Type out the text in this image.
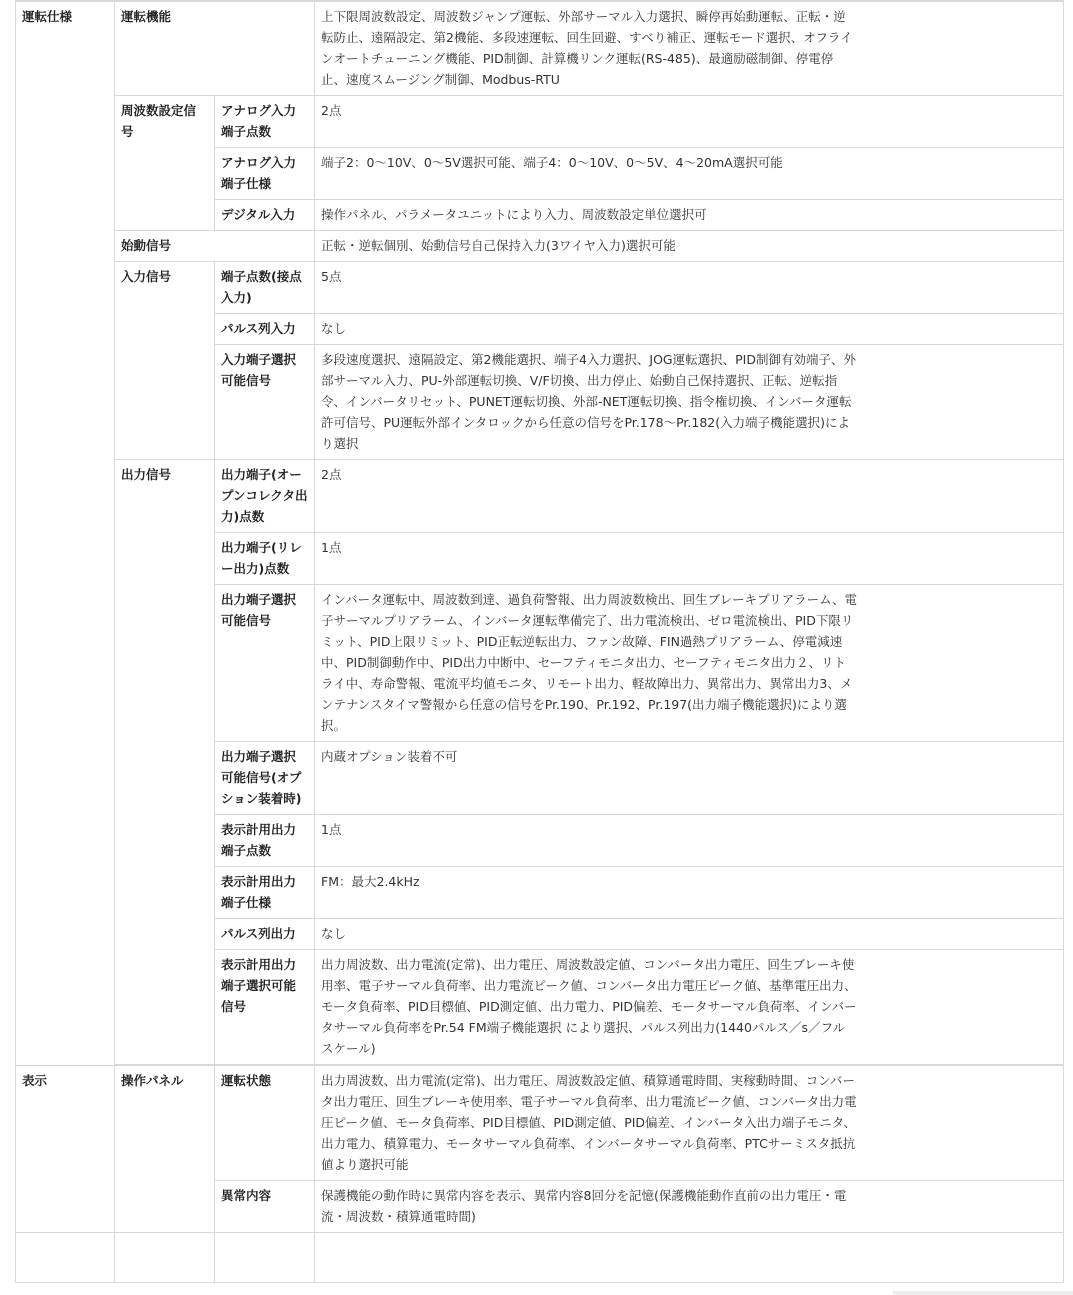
運転仕様	運転機能		上下限周波数設定、周波数ジャンプ運転、外部サーマル入力選択、瞬停再始動運転、正転・逆転防止、遠隔設定、第2機能、多段速運転、回生回避、すべり補正、運転モード選択、オフラインオートチューニング機能、PID制御、計算機リンク運転(RS-485)、最適励磁制御、停電停止、速度スムージング制御、Modbus-RTU
	周波数設定信号	アナログ入力端子点数	2点
		アナログ入力端子仕様	端子2：0～10V、0～5V選択可能、端子4：0～10V、0～5V、4～20mA選択可能
		デジタル入力	操作パネル、パラメータユニットにより入力、周波数設定単位選択可
	始動信号		正転・逆転個別、始動信号自己保持入力(3ワイヤ入力)選択可能
	入力信号	端子点数(接点入力)	5点
		パルス列入力	なし
		入力端子選択可能信号	多段速度選択、遠隔設定、第2機能選択、端子4入力選択、JOG運転選択、PID制御有効端子、外部サーマル入力、PU-外部運転切換、V/F切換、出力停止、始動自己保持選択、正転、逆転指令、インバータリセット、PUNET運転切換、外部-NET運転切換、指令権切換、インバータ運転許可信号、PU運転外部インタロックから任意の信号をPr.178～Pr.182(入力端子機能選択)により選択
	出力信号	出力端子(オープンコレクタ出力)点数	2点
		出力端子(リレー出力)点数	1点
		出力端子選択可能信号	インバータ運転中、周波数到達、過負荷警報、出力周波数検出、回生ブレーキプリアラーム、電子サーマルプリアラーム、インバータ運転準備完了、出力電流検出、ゼロ電流検出、PID下限リミット、PID上限リミット、PID正転逆転出力、ファン故障、FIN過熱プリアラーム、停電減速中、PID制御動作中、PID出力中断中、セーフティモニタ出力、セーフティモニタ出力２、リトライ中、寿命警報、電流平均値モニタ、リモート出力、軽故障出力、異常出力、異常出力3、メンテナンスタイマ警報から任意の信号をPr.190、Pr.192、Pr.197(出力端子機能選択)により選択。
		出力端子選択可能信号(オプション装着時)	内蔵オプション装着不可
		表示計用出力端子点数	1点
		表示計用出力端子仕様	FM：最大2.4kHz
		パルス列出力	なし
		表示計用出力端子選択可能信号	出力周波数、出力電流(定常)、出力電圧、周波数設定値、コンバータ出力電圧、回生ブレーキ使用率、電子サーマル負荷率、出力電流ピーク値、コンバータ出力電圧ピーク値、基準電圧出力、モータ負荷率、PID目標値、PID測定値、出力電力、PID偏差、モータサーマル負荷率、インバータサーマル負荷率をPr.54 FM端子機能選択 により選択、パルス列出力(1440パルス／s／フルスケール)

表示	操作パネル	運転状態	出力周波数、出力電流(定常)、出力電圧、周波数設定値、積算通電時間、実稼動時間、コンバータ出力電圧、回生ブレーキ使用率、電子サーマル負荷率、出力電流ピーク値、コンバータ出力電圧ピーク値、モータ負荷率、PID目標値、PID測定値、PID偏差、インバータ入出力端子モニタ、出力電力、積算電力、モータサーマル負荷率、インバータサーマル負荷率、PTCサーミスタ抵抗値より選択可能
		異常内容	保護機能の動作時に異常内容を表示、異常内容8回分を記憶(保護機能動作直前の出力電圧・電流・周波数・積算通電時間)
